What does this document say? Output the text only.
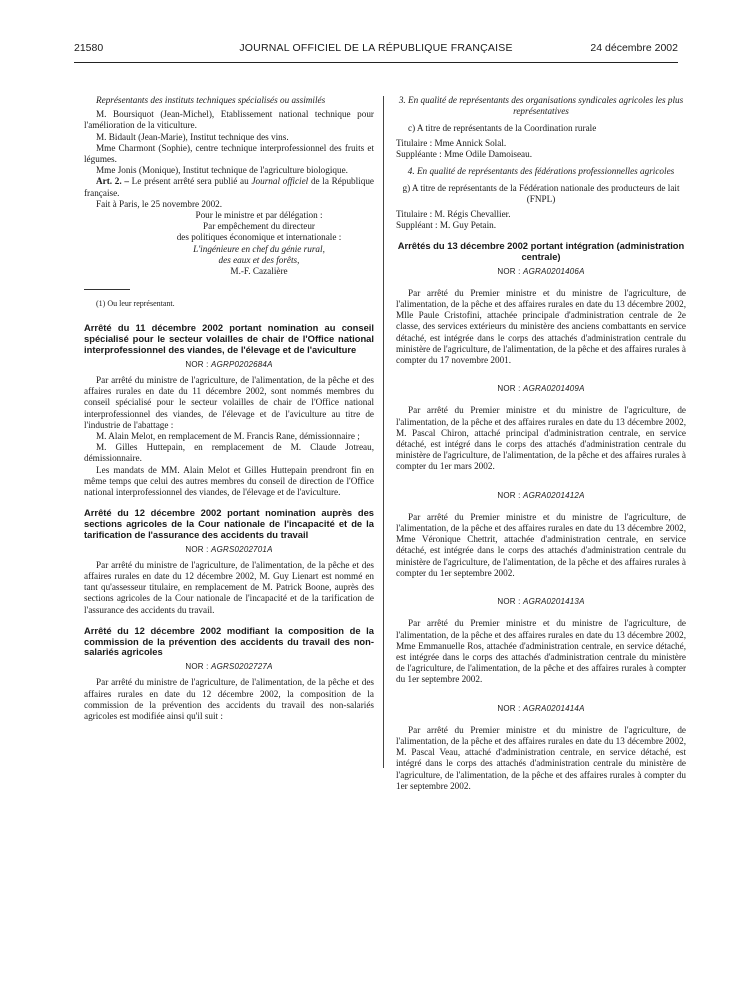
21580	JOURNAL OFFICIEL DE LA RÉPUBLIQUE FRANÇAISE	24 décembre 2002

Représentants des instituts techniques spécialisés ou assimilés

M. Boursiquot (Jean-Michel), Etablissement national technique pour l'amélioration de la viticulture.

M. Bidault (Jean-Marie), Institut technique des vins.

Mme Charmont (Sophie), centre technique interprofessionnel des fruits et légumes.

Mme Jonis (Monique), Institut technique de l'agriculture biologique.

Art. 2. – Le présent arrêté sera publié au Journal officiel de la République française.

Fait à Paris, le 25 novembre 2002.

Pour le ministre et par délégation :
Par empêchement du directeur
des politiques économique et internationale :
L'ingénieure en chef du génie rural,
des eaux et des forêts,
M.-F. Cazalière

(1) Ou leur représentant.

Arrêté du 11 décembre 2002 portant nomination au conseil spécialisé pour le secteur volailles de chair de l'Office national interprofessionnel des viandes, de l'élevage et de l'aviculture

NOR : AGRP0202684A

Par arrêté du ministre de l'agriculture, de l'alimentation, de la pêche et des affaires rurales en date du 11 décembre 2002, sont nommés membres du conseil spécialisé pour le secteur volailles de chair de l'Office national interprofessionnel des viandes, de l'élevage et de l'aviculture au titre de l'industrie de l'abattage :

M. Alain Melot, en remplacement de M. Francis Rane, démissionnaire ;

M. Gilles Huttepain, en remplacement de M. Claude Jotreau, démissionnaire.

Les mandats de MM. Alain Melot et Gilles Huttepain prendront fin en même temps que celui des autres membres du conseil de direction de l'Office national interprofessionnel des viandes, de l'élevage et de l'aviculture.

Arrêté du 12 décembre 2002 portant nomination auprès des sections agricoles de la Cour nationale de l'incapacité et de la tarification de l'assurance des accidents du travail

NOR : AGRS0202701A

Par arrêté du ministre de l'agriculture, de l'alimentation, de la pêche et des affaires rurales en date du 12 décembre 2002, M. Guy Lienart est nommé en tant qu'assesseur titulaire, en remplacement de M. Patrick Boone, auprès des sections agricoles de la Cour nationale de l'incapacité et de la tarification de l'assurance des accidents du travail.

Arrêté du 12 décembre 2002 modifiant la composition de la commission de la prévention des accidents du travail des non-salariés agricoles

NOR : AGRS0202727A

Par arrêté du ministre de l'agriculture, de l'alimentation, de la pêche et des affaires rurales en date du 12 décembre 2002, la composition de la commission de la prévention des accidents du travail des non-salariés agricoles est modifiée ainsi qu'il suit :

3. En qualité de représentants des organisations syndicales agricoles les plus représentatives

c) A titre de représentants de la Coordination rurale

Titulaire : Mme Annick Solal.

Suppléante : Mme Odile Damoiseau.

4. En qualité de représentants des fédérations professionnelles agricoles

g) A titre de représentants de la Fédération nationale des producteurs de lait (FNPL)

Titulaire : M. Régis Chevallier.

Suppléant : M. Guy Petain.

Arrêtés du 13 décembre 2002 portant intégration (administration centrale)

NOR : AGRA0201406A

Par arrêté du Premier ministre et du ministre de l'agriculture, de l'alimentation, de la pêche et des affaires rurales en date du 13 décembre 2002, Mlle Paule Cristofini, attachée principale d'administration centrale de 2e classe, des services extérieurs du ministère des anciens combattants en service détaché, est intégrée dans le corps des attachés d'administration centrale du ministère de l'agriculture, de l'alimentation, de la pêche et des affaires rurales à compter du 17 novembre 2001.

NOR : AGRA0201409A

Par arrêté du Premier ministre et du ministre de l'agriculture, de l'alimentation, de la pêche et des affaires rurales en date du 13 décembre 2002, M. Pascal Chiron, attaché principal d'administration centrale, en service détaché, est intégré dans le corps des attachés d'administration centrale du ministère de l'agriculture, de l'alimentation, de la pêche et des affaires rurales à compter du 1er mars 2002.

NOR : AGRA0201412A

Par arrêté du Premier ministre et du ministre de l'agriculture, de l'alimentation, de la pêche et des affaires rurales en date du 13 décembre 2002, Mme Véronique Chettrit, attachée d'administration centrale, en service détaché, est intégrée dans le corps des attachés d'administration centrale du ministère de l'agriculture, de l'alimentation, de la pêche et des affaires rurales à compter du 1er septembre 2002.

NOR : AGRA0201413A

Par arrêté du Premier ministre et du ministre de l'agriculture, de l'alimentation, de la pêche et des affaires rurales en date du 13 décembre 2002, Mme Emmanuelle Ros, attachée d'administration centrale, en service détaché, est intégrée dans le corps des attachés d'administration centrale du ministère de l'agriculture, de l'alimentation, de la pêche et des affaires rurales à compter du 1er septembre 2002.

NOR : AGRA0201414A

Par arrêté du Premier ministre et du ministre de l'agriculture, de l'alimentation, de la pêche et des affaires rurales en date du 13 décembre 2002, M. Pascal Veau, attaché d'administration centrale, en service détaché, est intégré dans le corps des attachés d'administration centrale du ministère de l'agriculture, de l'alimentation, de la pêche et des affaires rurales à compter du 1er septembre 2002.
